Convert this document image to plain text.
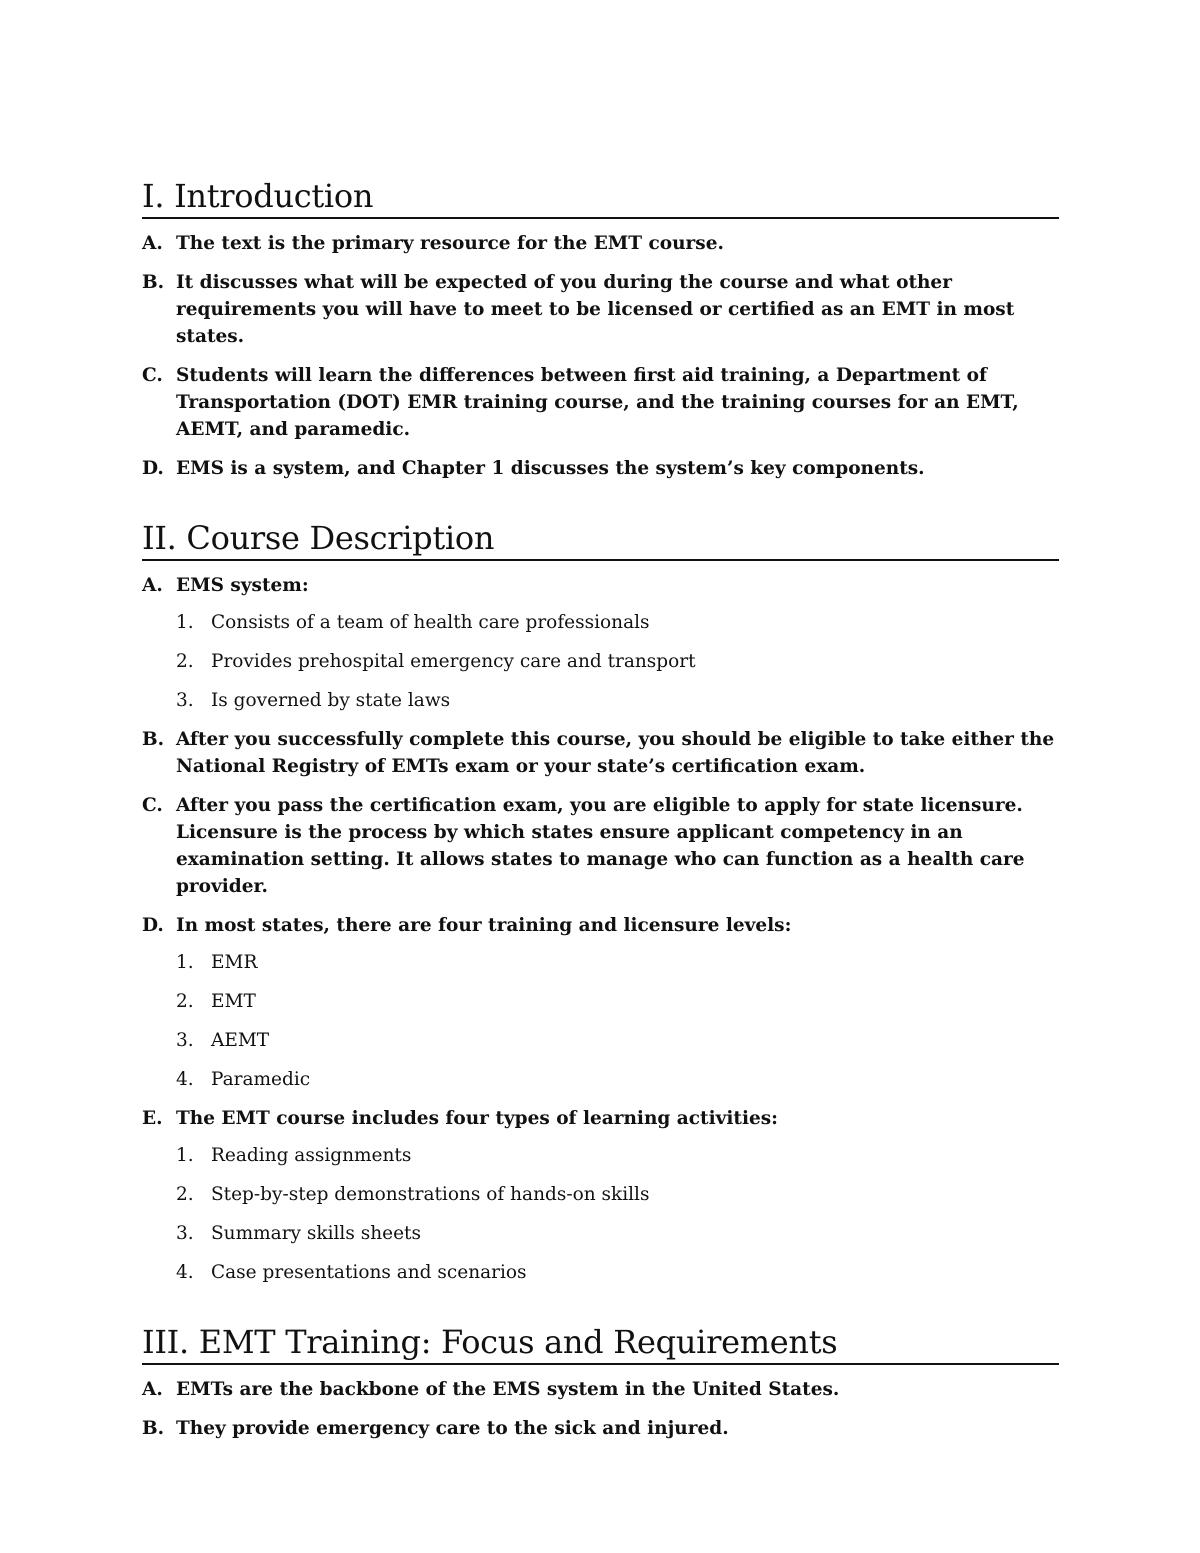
I. Introduction
A. The text is the primary resource for the EMT course.
B. It discusses what will be expected of you during the course and what other requirements you will have to meet to be licensed or certified as an EMT in most states.
C. Students will learn the differences between first aid training, a Department of Transportation (DOT) EMR training course, and the training courses for an EMT, AEMT, and paramedic.
D. EMS is a system, and Chapter 1 discusses the system’s key components.
II. Course Description
A. EMS system:
1. Consists of a team of health care professionals
2. Provides prehospital emergency care and transport
3. Is governed by state laws
B. After you successfully complete this course, you should be eligible to take either the National Registry of EMTs exam or your state’s certification exam.
C. After you pass the certification exam, you are eligible to apply for state licensure. Licensure is the process by which states ensure applicant competency in an examination setting. It allows states to manage who can function as a health care provider.
D. In most states, there are four training and licensure levels:
1. EMR
2. EMT
3. AEMT
4. Paramedic
E. The EMT course includes four types of learning activities:
1. Reading assignments
2. Step-by-step demonstrations of hands-on skills
3. Summary skills sheets
4. Case presentations and scenarios
III. EMT Training: Focus and Requirements
A. EMTs are the backbone of the EMS system in the United States.
B. They provide emergency care to the sick and injured.
